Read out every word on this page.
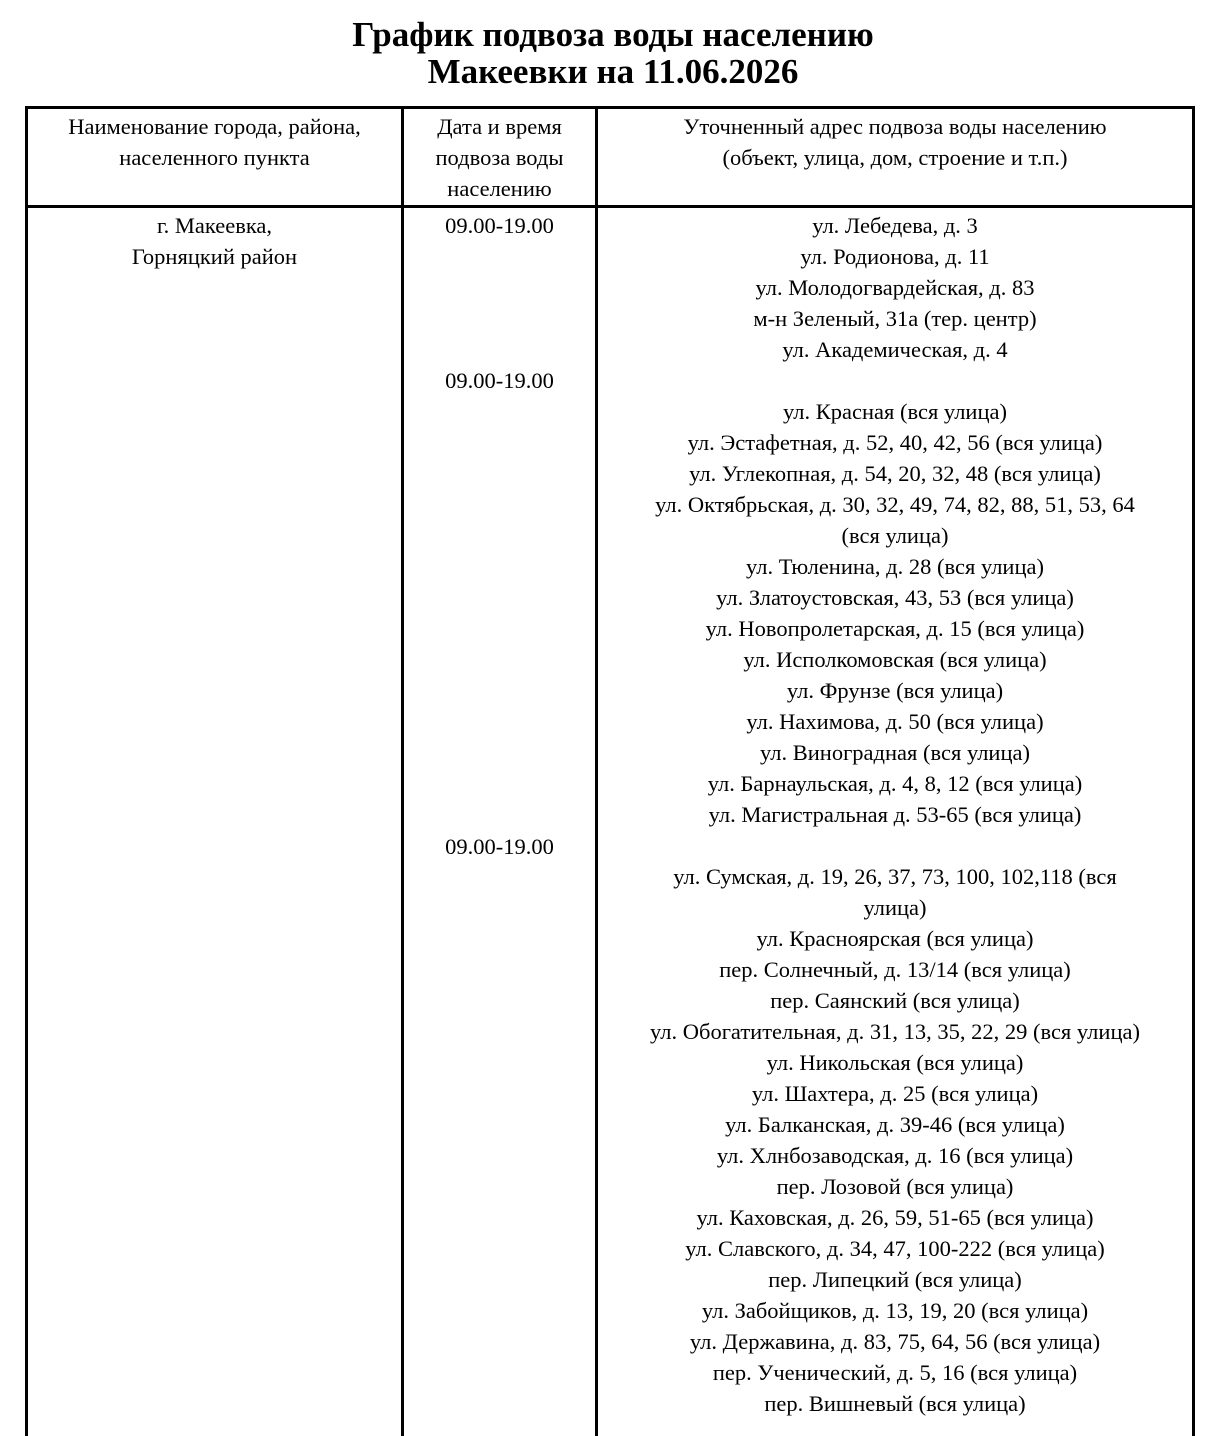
График подвоза воды населению
Макеевки на 11.06.2026
Наименование города, района,
населенного пункта
Дата и время
подвоза воды
населению
Уточненный адрес подвоза воды населению
(объект, улица, дом, строение и т.п.)
г. Макеевка,
Горняцкий район
09.00-19.00
09.00-19.00
09.00-19.00
ул. Лебедева, д. 3
ул. Родионова, д. 11
ул. Молодогвардейская, д. 83
м-н Зеленый, 31а (тер. центр)
ул. Академическая, д. 4
ул. Красная (вся улица)
ул. Эстафетная, д. 52, 40, 42, 56 (вся улица)
ул. Углекопная, д. 54, 20, 32, 48 (вся улица)
ул. Октябрьская, д. 30, 32, 49, 74, 82, 88, 51, 53, 64
(вся улица)
ул. Тюленина, д. 28 (вся улица)
ул. Златоустовская, 43, 53 (вся улица)
ул. Новопролетарская, д. 15 (вся улица)
ул. Исполкомовская (вся улица)
ул. Фрунзе (вся улица)
ул. Нахимова, д. 50 (вся улица)
ул. Виноградная (вся улица)
ул. Барнаульская, д. 4, 8, 12 (вся улица)
ул. Магистральная д. 53-65 (вся улица)
ул. Сумская, д. 19, 26, 37, 73, 100, 102,118 (вся
улица)
ул. Красноярская (вся улица)
пер. Солнечный, д. 13/14 (вся улица)
пер. Саянский (вся улица)
ул. Обогатительная, д. 31, 13, 35, 22, 29 (вся улица)
ул. Никольская (вся улица)
ул. Шахтера, д. 25 (вся улица)
ул. Балканская, д. 39-46 (вся улица)
ул. Хлнбозаводская, д. 16 (вся улица)
пер. Лозовой (вся улица)
ул. Каховская, д. 26, 59, 51-65 (вся улица)
ул. Славского, д. 34, 47, 100-222 (вся улица)
пер. Липецкий (вся улица)
ул. Забойщиков, д. 13, 19, 20 (вся улица)
ул. Державина, д. 83, 75, 64, 56 (вся улица)
пер. Ученический, д. 5, 16 (вся улица)
пер. Вишневый (вся улица)
